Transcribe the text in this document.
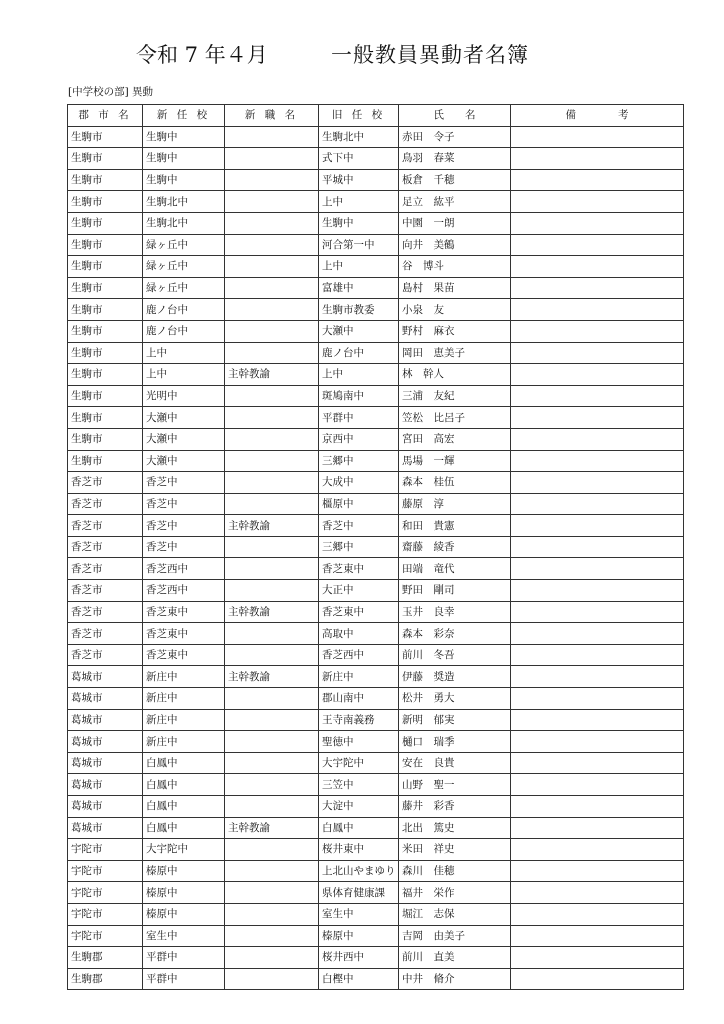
令和 7 年４月	一般教員異動者名簿
[中学校の部] 異動
郡 市 名	新 任 校	新 職 名	旧 任 校	氏　　名	備　　　　考
生駒市	生駒中		生駒北中	赤田　令子	
生駒市	生駒中		式下中	鳥羽　春菜	
生駒市	生駒中		平城中	板倉　千穂	
生駒市	生駒北中		上中	足立　紘平	
生駒市	生駒北中		生駒中	中園　一朗	
生駒市	緑ヶ丘中		河合第一中	向井　美鶴	
生駒市	緑ヶ丘中		上中	谷　博斗	
生駒市	緑ヶ丘中		富雄中	島村　果苗	
生駒市	鹿ノ台中		生駒市教委	小泉　友	
生駒市	鹿ノ台中		大瀬中	野村　麻衣	
生駒市	上中		鹿ノ台中	岡田　恵美子	
生駒市	上中	主幹教諭	上中	林　幹人	
生駒市	光明中		斑鳩南中	三浦　友紀	
生駒市	大瀬中		平群中	笠松　比呂子	
生駒市	大瀬中		京西中	宮田　高宏	
生駒市	大瀬中		三郷中	馬場　一輝	
香芝市	香芝中		大成中	森本　桂伍	
香芝市	香芝中		橿原中	藤原　淳	
香芝市	香芝中	主幹教諭	香芝中	和田　貴憲	
香芝市	香芝中		三郷中	齋藤　綾香	
香芝市	香芝西中		香芝東中	田端　竜代	
香芝市	香芝西中		大正中	野田　剛司	
香芝市	香芝東中	主幹教諭	香芝東中	玉井　良幸	
香芝市	香芝東中		高取中	森本　彩奈	
香芝市	香芝東中		香芝西中	前川　冬吾	
葛城市	新庄中	主幹教諭	新庄中	伊藤　奨造	
葛城市	新庄中		郡山南中	松井　勇大	
葛城市	新庄中		王寺南義務	新明　郁実	
葛城市	新庄中		聖徳中	樋口　瑞季	
葛城市	白鳳中		大宇陀中	安在　良貴	
葛城市	白鳳中		三笠中	山野　聖一	
葛城市	白鳳中		大淀中	藤井　彩香	
葛城市	白鳳中	主幹教諭	白鳳中	北出　篤史	
宇陀市	大宇陀中		桜井東中	米田　祥史	
宇陀市	榛原中		上北山やまゆり	森川　佳穂	
宇陀市	榛原中		県体育健康課	福井　栄作	
宇陀市	榛原中		室生中	堀江　志保	
宇陀市	室生中		榛原中	吉岡　由美子	
生駒郡	平群中		桜井西中	前川　直美	
生駒郡	平群中		白樫中	中井　脩介	
